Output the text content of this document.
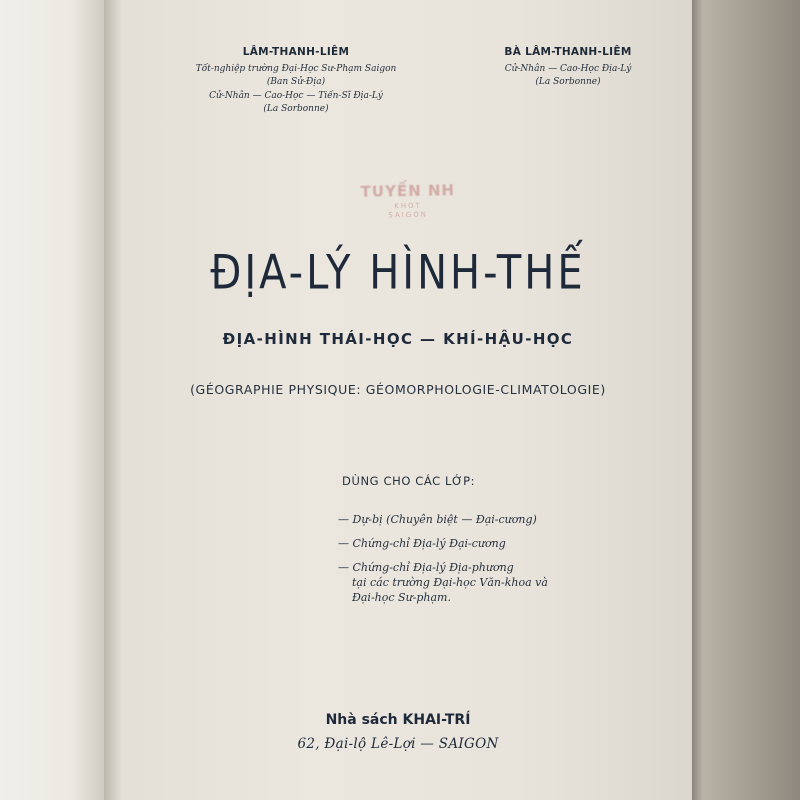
LÂM-THANH-LIÊM
Tốt-nghiệp trường Đại-Học Sư-Phạm Saigon
(Ban Sử-Địa)
Cử-Nhân — Cao-Học — Tiến-Sĩ Địa-Lý
(La Sorbonne)
BÀ LÂM-THANH-LIÊM
Cử-Nhân — Cao-Học Địa-Lý
(La Sorbonne)
TUYẾN NH
KHOT
SAIGON
ĐỊA-LÝ HÌNH-THẾ
ĐỊA-HÌNH THÁI-HỌC — KHÍ-HẬU-HỌC
(GÉOGRAPHIE PHYSIQUE: GÉOMORPHOLOGIE-CLIMATOLOGIE)
DÙNG CHO CÁC LỚP:
— Dự-bị (Chuyên biệt — Đại-cương)
— Chứng-chỉ Địa-lý Đại-cương
— Chứng-chỉ Địa-lý Địa-phương
tại các trường Đại-học Văn-khoa và
Đại-học Sư-phạm.
Nhà sách KHAI-TRÍ
62, Đại-lộ Lê-Lợi — SAIGON
